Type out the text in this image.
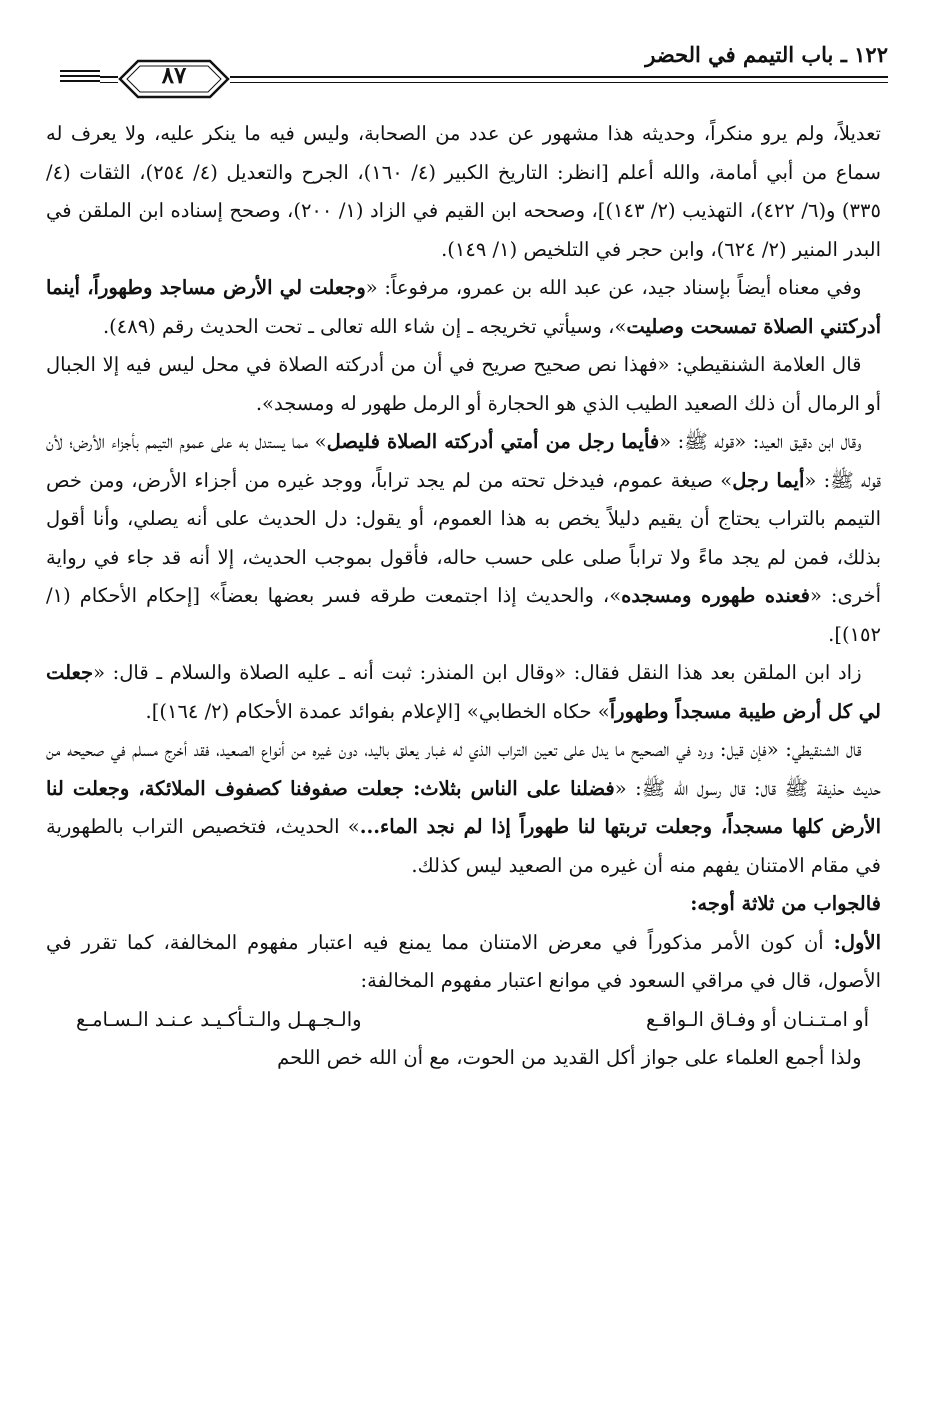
١٢٢ ـ باب التيمم في الحضر
٨٧

تعديلاً، ولم يرو منكراً، وحديثه هذا مشهور عن عدد من الصحابة، وليس فيه ما ينكر عليه، ولا يعرف له سماع من أبي أمامة، والله أعلم [انظر: التاريخ الكبير (٤/ ١٦٠)، الجرح والتعديل (٤/ ٢٥٤)، الثقات (٤/ ٣٣٥) و(٦/ ٤٢٢)، التهذيب (٢/ ١٤٣)]، وصححه ابن القيم في الزاد (١/ ٢٠٠)، وصحح إسناده ابن الملقن في البدر المنير (٢/ ٦٢٤)، وابن حجر في التلخيص (١/ ١٤٩).

 وفي معناه أيضاً بإسناد جيد، عن عبد الله بن عمرو، مرفوعاً: «وجعلت لي الأرض مساجد وطهوراً، أينما أدركتني الصلاة تمسحت وصليت»، وسيأتي تخريجه ـ إن شاء الله تعالى ـ تحت الحديث رقم (٤٨٩).

 قال العلامة الشنقيطي: «فهذا نص صحيح صريح في أن من أدركته الصلاة في محل ليس فيه إلا الجبال أو الرمال أن ذلك الصعيد الطيب الذي هو الحجارة أو الرمل طهور له ومسجد».

 وقال ابن دقيق العيد: «قوله ﷺ: «فأيما رجل من أمتي أدركته الصلاة فليصل» مما يستدل به على عموم التيمم بأجزاء الأرض؛ لأن قوله ﷺ: «أيما رجل» صيغة عموم، فيدخل تحته من لم يجد تراباً، ووجد غيره من أجزاء الأرض، ومن خص التيمم بالتراب يحتاج أن يقيم دليلاً يخص به هذا العموم، أو يقول: دل الحديث على أنه يصلي، وأنا أقول بذلك، فمن لم يجد ماءً ولا تراباً صلى على حسب حاله، فأقول بموجب الحديث، إلا أنه قد جاء في رواية أخرى: «فعنده طهوره ومسجده»، والحديث إذا اجتمعت طرقه فسر بعضها بعضاً» [إحكام الأحكام (١/ ١٥٢)].

 زاد ابن الملقن بعد هذا النقل فقال: «وقال ابن المنذر: ثبت أنه ـ عليه الصلاة والسلام ـ قال: «جعلت لي كل أرض طيبة مسجداً وطهوراً» حكاه الخطابي» [الإعلام بفوائد عمدة الأحكام (٢/ ١٦٤)].

 قال الشنقيطي: «فإن قيل: ورد في الصحيح ما يدل على تعين التراب الذي له غبار يعلق باليد، دون غيره من أنواع الصعيد، فقد أخرج مسلم في صحيحه من حديث حذيفة ﷺ قال: قال رسول الله ﷺ: «فضلنا على الناس بثلاث: جعلت صفوفنا كصفوف الملائكة، وجعلت لنا الأرض كلها مسجداً، وجعلت تربتها لنا طهوراً إذا لم نجد الماء...» الحديث، فتخصيص التراب بالطهورية في مقام الامتنان يفهم منه أن غيره من الصعيد ليس كذلك.

فالجواب من ثلاثة أوجه:

الأول: أن كون الأمر مذكوراً في معرض الامتنان مما يمنع فيه اعتبار مفهوم المخالفة، كما تقرر في الأصول، قال في مراقي السعود في موانع اعتبار مفهوم المخالفة:

أو امـتـنـان أو وفـاق الـواقـع
والـجـهـل والـتـأكـيـد عـنـد الـسـامـع

 ولذا أجمع العلماء على جواز أكل القديد من الحوت، مع أن الله خص اللحم
